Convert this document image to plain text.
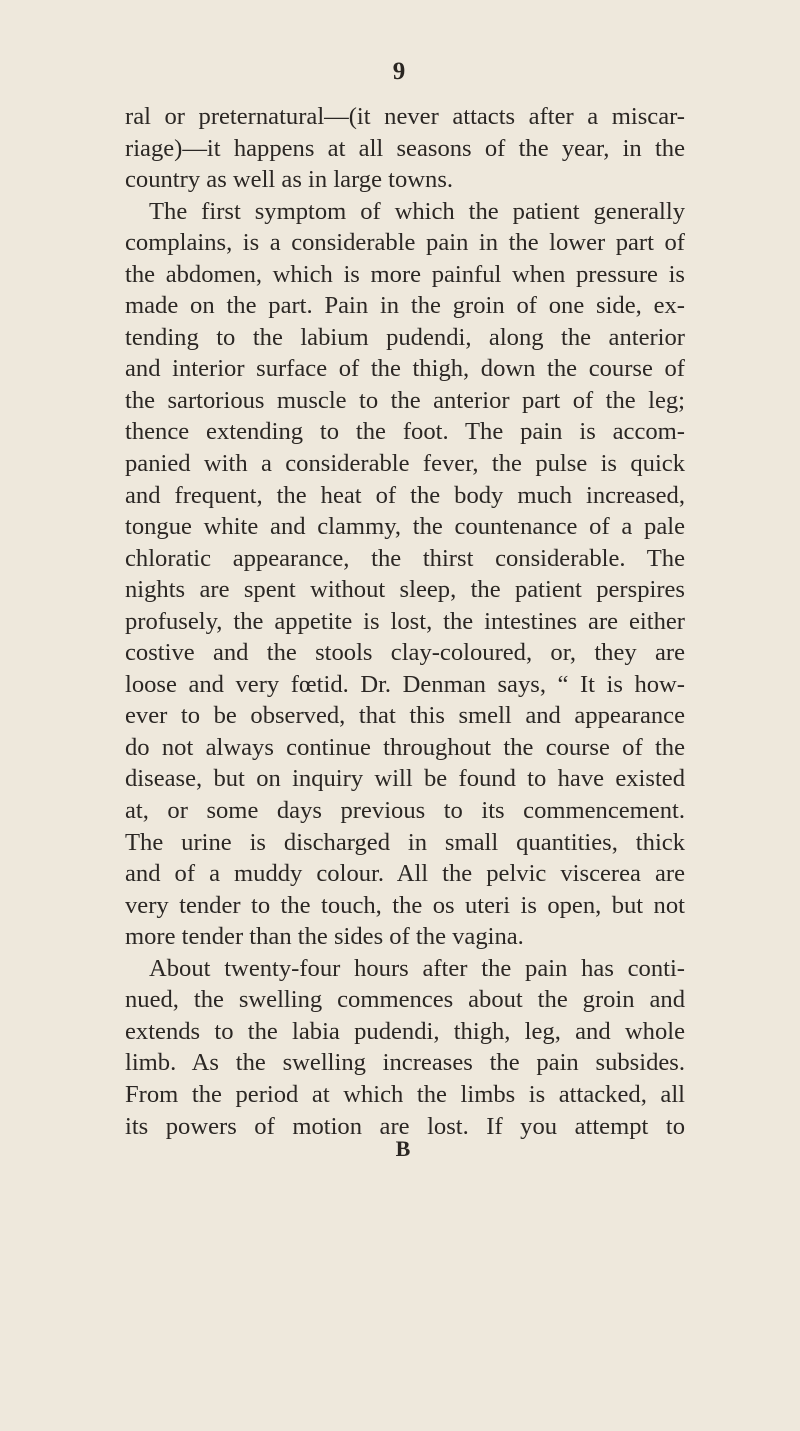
9
ral or preternatural—(it never attacts after a miscar-
riage)—it happens at all seasons of the year, in the
country as well as in large towns.
The first symptom of which the patient generally
complains, is a considerable pain in the lower part of
the abdomen, which is more painful when pressure is
made on the part. Pain in the groin of one side, ex-
tending to the labium pudendi, along the anterior
and interior surface of the thigh, down the course of
the sartorious muscle to the anterior part of the leg;
thence extending to the foot. The pain is accom-
panied with a considerable fever, the pulse is quick
and frequent, the heat of the body much increased,
tongue white and clammy, the countenance of a pale
chloratic appearance, the thirst considerable. The
nights are spent without sleep, the patient perspires
profusely, the appetite is lost, the intestines are either
costive and the stools clay-coloured, or, they are
loose and very fœtid. Dr. Denman says, “ It is how-
ever to be observed, that this smell and appearance
do not always continue throughout the course of the
disease, but on inquiry will be found to have existed
at, or some days previous to its commencement.
The urine is discharged in small quantities, thick
and of a muddy colour. All the pelvic viscerea are
very tender to the touch, the os uteri is open, but not
more tender than the sides of the vagina.
About twenty-four hours after the pain has conti-
nued, the swelling commences about the groin and
extends to the labia pudendi, thigh, leg, and whole
limb. As the swelling increases the pain subsides.
From the period at which the limbs is attacked, all
its powers of motion are lost. If you attempt to
B
